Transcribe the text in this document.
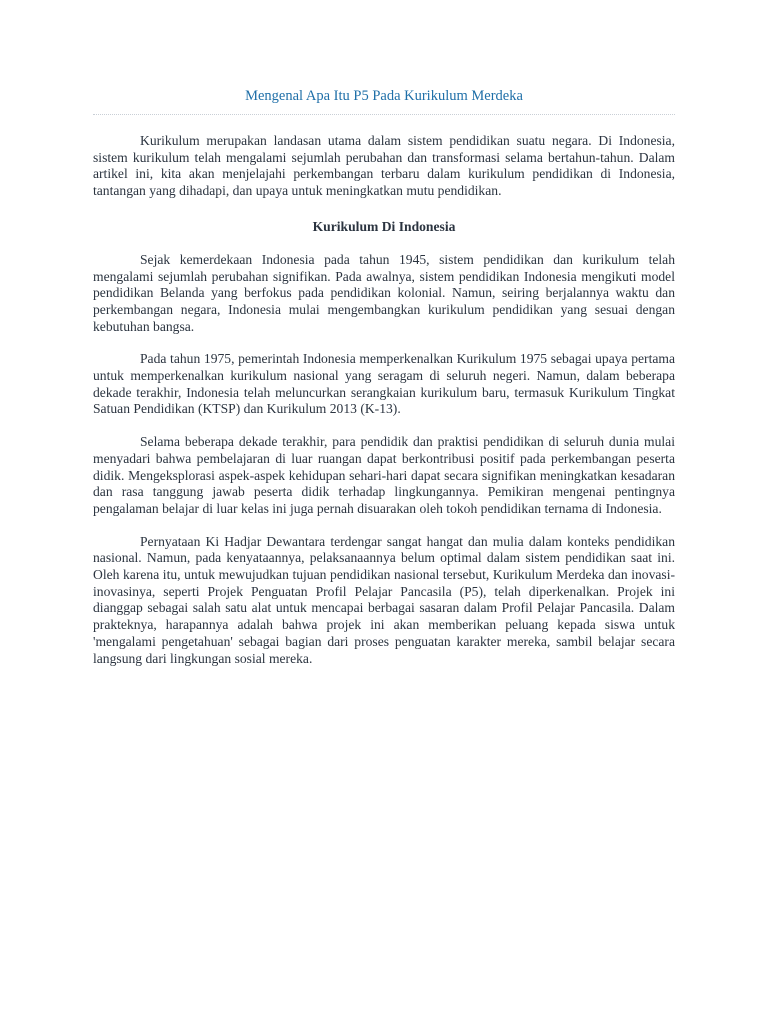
Mengenal Apa Itu P5 Pada Kurikulum Merdeka

Kurikulum merupakan landasan utama dalam sistem pendidikan suatu negara. Di Indonesia, sistem kurikulum telah mengalami sejumlah perubahan dan transformasi selama bertahun-tahun. Dalam artikel ini, kita akan menjelajahi perkembangan terbaru dalam kurikulum pendidikan di Indonesia, tantangan yang dihadapi, dan upaya untuk meningkatkan mutu pendidikan.

Kurikulum Di Indonesia

Sejak kemerdekaan Indonesia pada tahun 1945, sistem pendidikan dan kurikulum telah mengalami sejumlah perubahan signifikan. Pada awalnya, sistem pendidikan Indonesia mengikuti model pendidikan Belanda yang berfokus pada pendidikan kolonial. Namun, seiring berjalannya waktu dan perkembangan negara, Indonesia mulai mengembangkan kurikulum pendidikan yang sesuai dengan kebutuhan bangsa.

Pada tahun 1975, pemerintah Indonesia memperkenalkan Kurikulum 1975 sebagai upaya pertama untuk memperkenalkan kurikulum nasional yang seragam di seluruh negeri. Namun, dalam beberapa dekade terakhir, Indonesia telah meluncurkan serangkaian kurikulum baru, termasuk Kurikulum Tingkat Satuan Pendidikan (KTSP) dan Kurikulum 2013 (K-13).

Selama beberapa dekade terakhir, para pendidik dan praktisi pendidikan di seluruh dunia mulai menyadari bahwa pembelajaran di luar ruangan dapat berkontribusi positif pada perkembangan peserta didik. Mengeksplorasi aspek-aspek kehidupan sehari-hari dapat secara signifikan meningkatkan kesadaran dan rasa tanggung jawab peserta didik terhadap lingkungannya. Pemikiran mengenai pentingnya pengalaman belajar di luar kelas ini juga pernah disuarakan oleh tokoh pendidikan ternama di Indonesia.

Pernyataan Ki Hadjar Dewantara terdengar sangat hangat dan mulia dalam konteks pendidikan nasional. Namun, pada kenyataannya, pelaksanaannya belum optimal dalam sistem pendidikan saat ini. Oleh karena itu, untuk mewujudkan tujuan pendidikan nasional tersebut, Kurikulum Merdeka dan inovasi-inovasinya, seperti Projek Penguatan Profil Pelajar Pancasila (P5), telah diperkenalkan. Projek ini dianggap sebagai salah satu alat untuk mencapai berbagai sasaran dalam Profil Pelajar Pancasila. Dalam prakteknya, harapannya adalah bahwa projek ini akan memberikan peluang kepada siswa untuk 'mengalami pengetahuan' sebagai bagian dari proses penguatan karakter mereka, sambil belajar secara langsung dari lingkungan sosial mereka.
